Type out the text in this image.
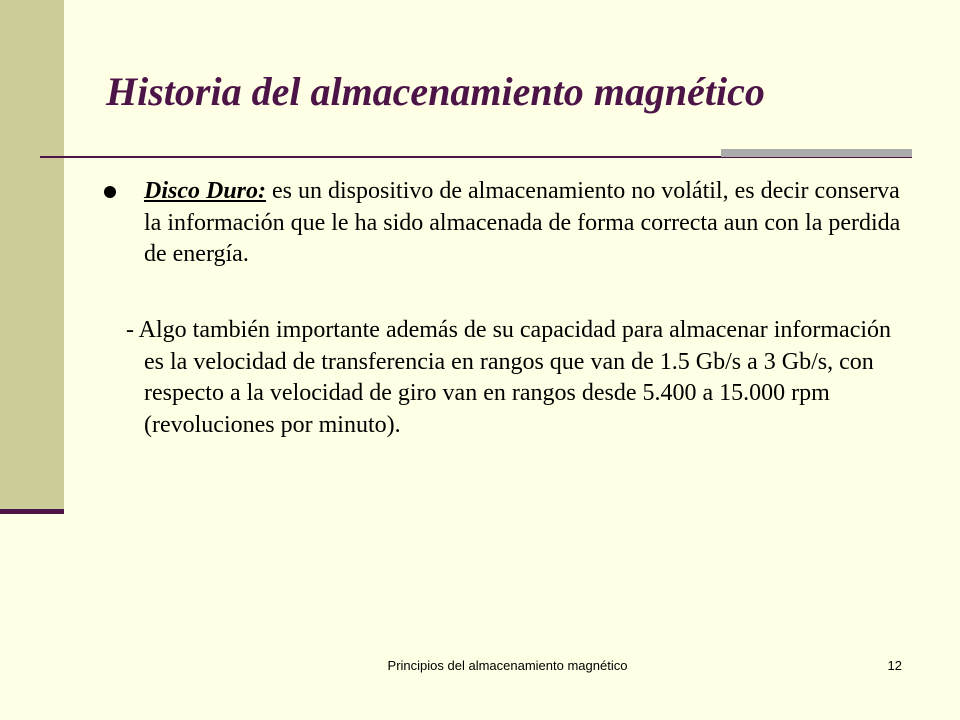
Historia del almacenamiento magnético

Disco Duro: es un dispositivo de almacenamiento no volátil, es decir conserva la información que le ha sido almacenada de forma correcta aun con la perdida de energía.

- Algo también importante además de su capacidad para almacenar información es la velocidad de transferencia en rangos que van de 1.5 Gb/s a 3 Gb/s, con respecto a la velocidad de giro van en rangos desde 5.400 a 15.000 rpm (revoluciones por minuto).

Principios del almacenamiento magnético	12
